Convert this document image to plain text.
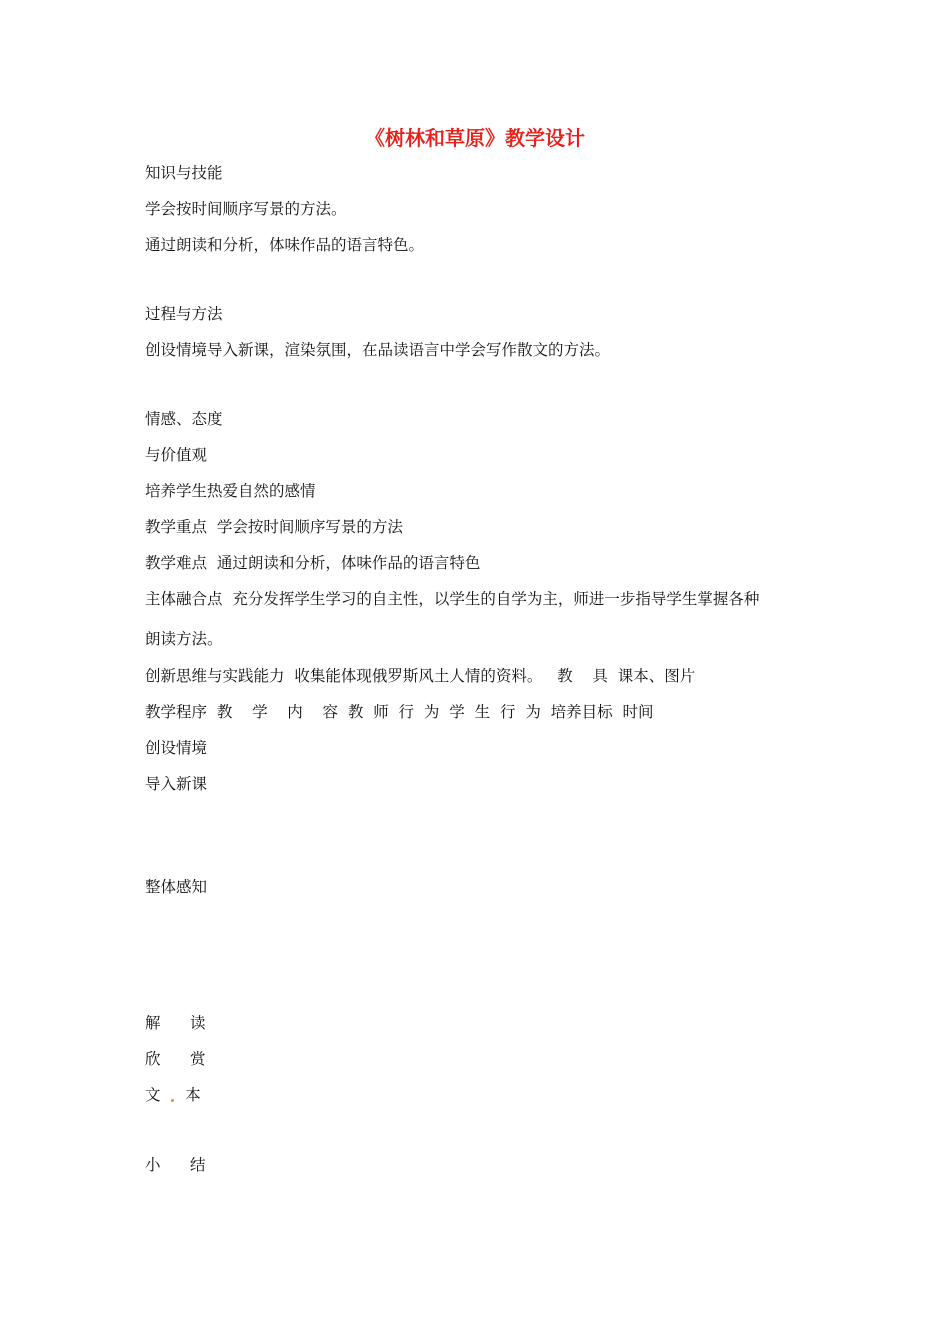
《树林和草原》教学设计
知识与技能
学会按时间顺序写景的方法。
通过朗读和分析，体味作品的语言特色。
过程与方法
创设情境导入新课，渲染氛围，在品读语言中学会写作散文的方法。
情感、态度
与价值观
培养学生热爱自然的感情
教学重点  学会按时间顺序写景的方法
教学难点  通过朗读和分析，体味作品的语言特色
主体融合点  充分发挥学生学习的自主性，以学生的自学为主，师进一步指导学生掌握各种
朗读方法。
创新思维与实践能力  收集能体现俄罗斯风土人情的资料。   教    具  课本、图片
教学程序  教    学    内    容  教  师  行  为  学  生  行  为  培养目标  时间
创设情境
导入新课
整体感知
解      读
欣      赏
文    本
小      结
